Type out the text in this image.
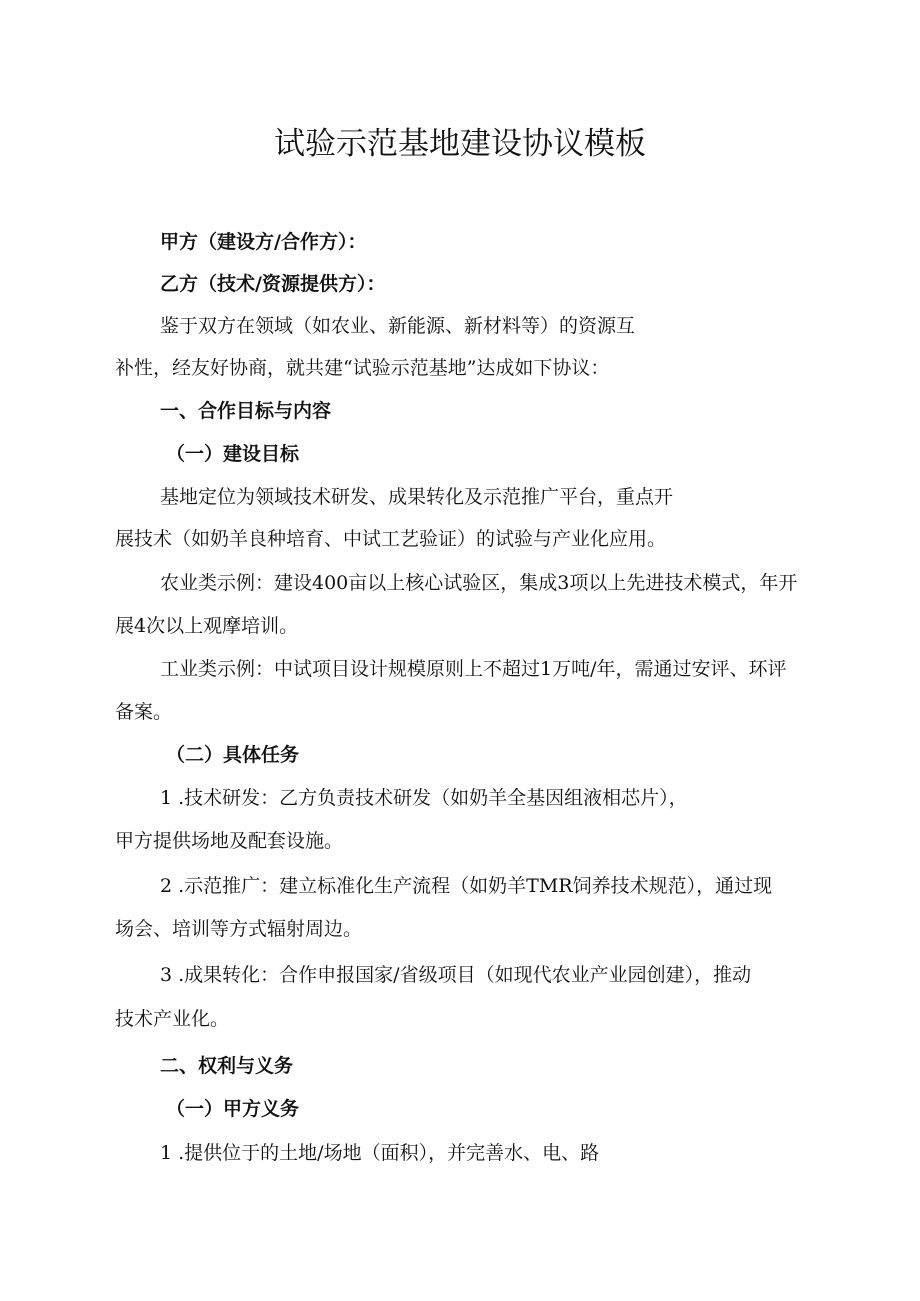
试验示范基地建设协议模板

甲方（建设方/合作方）：

乙方（技术/资源提供方）：

鉴于双方在领域（如农业、新能源、新材料等）的资源互

补性，经友好协商，就共建“试验示范基地”达成如下协议：

一、合作目标与内容

（一）建设目标

基地定位为领域技术研发、成果转化及示范推广平台，重点开

展技术（如奶羊良种培育、中试工艺验证）的试验与产业化应用。

农业类示例：建设400亩以上核心试验区，集成3项以上先进技术模式，年开

展4次以上观摩培训。

工业类示例：中试项目设计规模原则上不超过1万吨/年，需通过安评、环评

备案。

（二）具体任务

1 .技术研发：乙方负责技术研发（如奶羊全基因组液相芯片），

甲方提供场地及配套设施。

2 .示范推广：建立标准化生产流程（如奶羊TMR饲养技术规范），通过现

场会、培训等方式辐射周边。

3 .成果转化：合作申报国家/省级项目（如现代农业产业园创建），推动

技术产业化。

二、权利与义务

（一）甲方义务

1 .提供位于的土地/场地（面积），并完善水、电、路
